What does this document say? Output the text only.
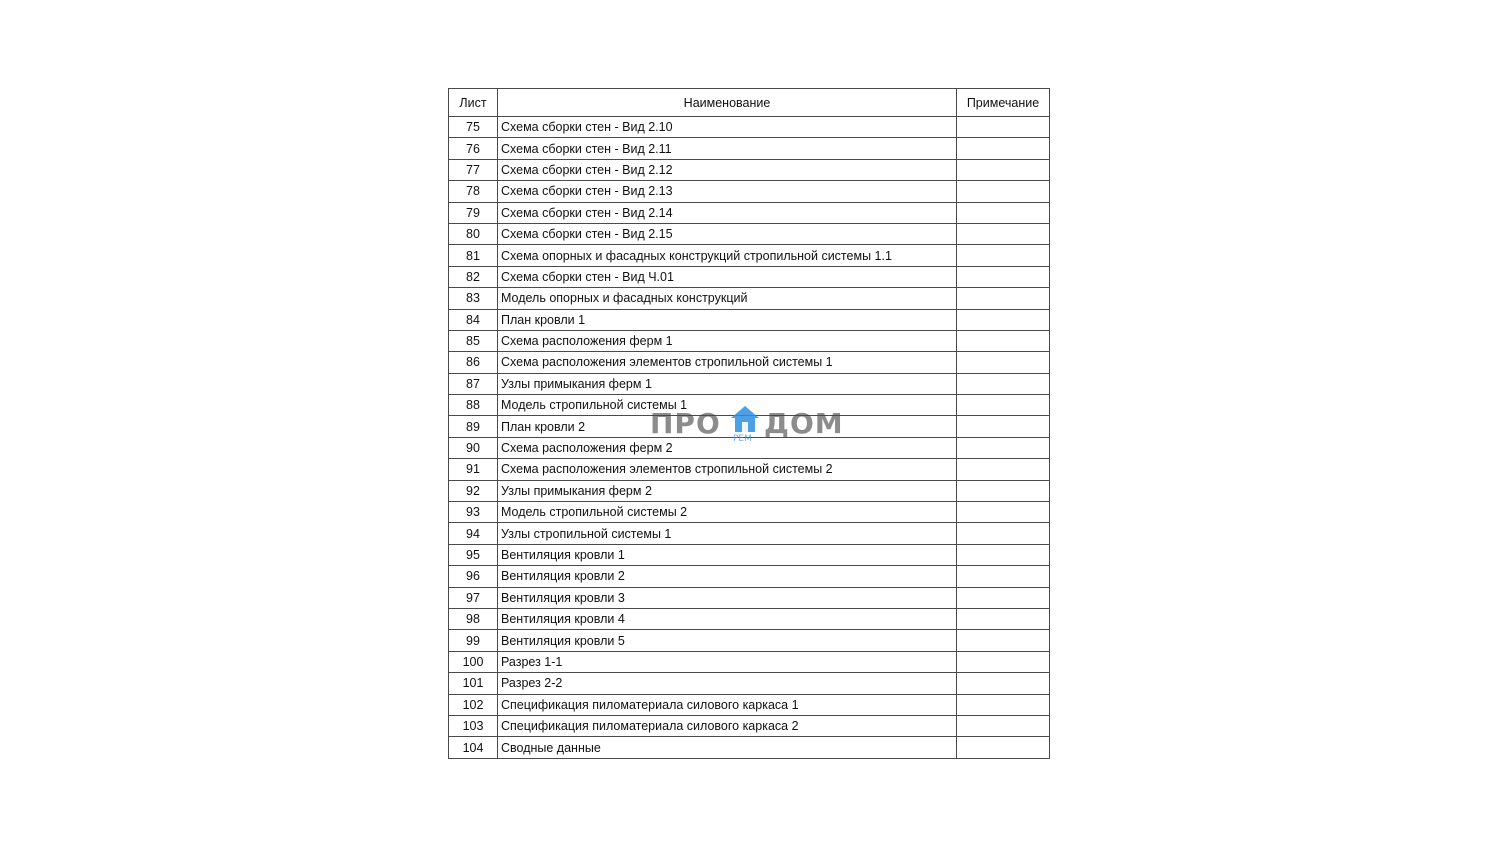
Лист	Наименование	Примечание
75	Схема сборки стен - Вид 2.10	
76	Схема сборки стен - Вид 2.11	
77	Схема сборки стен - Вид 2.12	
78	Схема сборки стен - Вид 2.13	
79	Схема сборки стен - Вид 2.14	
80	Схема сборки стен - Вид 2.15	
81	Схема опорных и фасадных конструкций стропильной системы 1.1	
82	Схема сборки стен - Вид Ч.01	
83	Модель опорных и фасадных конструкций	
84	План кровли 1	
85	Схема расположения ферм 1	
86	Схема расположения элементов стропильной системы 1	
87	Узлы примыкания ферм 1	
88	Модель стропильной системы 1	
89	План кровли 2	
90	Схема расположения ферм 2	
91	Схема расположения элементов стропильной системы 2	
92	Узлы примыкания ферм 2	
93	Модель стропильной системы 2	
94	Узлы стропильной системы 1	
95	Вентиляция кровли 1	
96	Вентиляция кровли 2	
97	Вентиляция кровли 3	
98	Вентиляция кровли 4	
99	Вентиляция кровли 5	
100	Разрез 1-1	
101	Разрез 2-2	
102	Спецификация пиломатериала силового каркаса 1	
103	Спецификация пиломатериала силового каркаса 2	
104	Сводные данные	
ПРО РЕМ ДОМ
